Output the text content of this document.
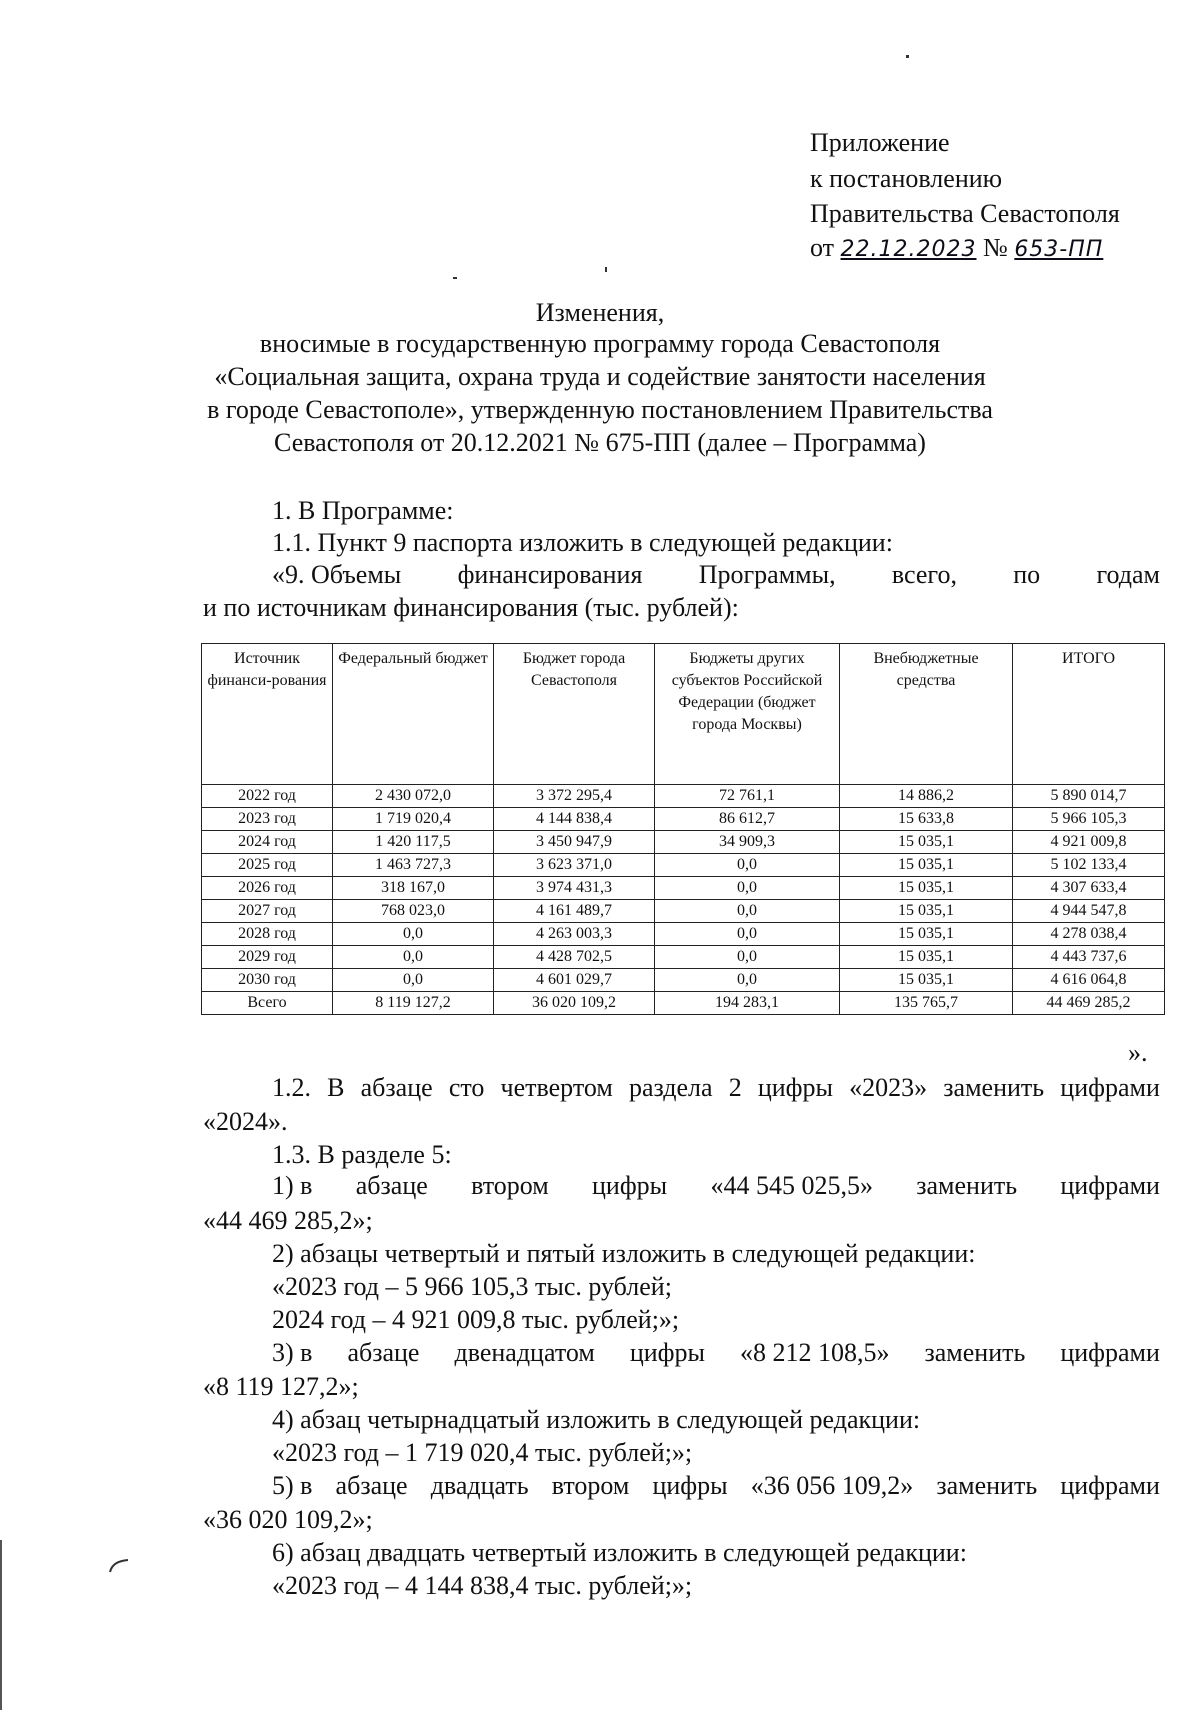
Приложение
к постановлению
Правительства Севастополя
от 22.12.2023 № 653-ПП
Изменения,
вносимые в государственную программу города Севастополя
«Социальная защита, охрана труда и содействие занятости населения
в городе Севастополе», утвержденную постановлением Правительства
Севастополя от 20.12.2021 № 675-ПП (далее – Программа)
1. В Программе:
1.1. Пункт 9 паспорта изложить в следующей редакции:
«9. Объемы финансирования Программы, всего, по годам
и по источникам финансирования (тыс. рублей):
Источник финанси-рования	Федеральный бюджет	Бюджет города Севастополя	Бюджеты других субъектов Российской Федерации (бюджет города Москвы)	Внебюджетные средства	ИТОГО
2022 год	2 430 072,0	3 372 295,4	72 761,1	14 886,2	5 890 014,7
2023 год	1 719 020,4	4 144 838,4	86 612,7	15 633,8	5 966 105,3
2024 год	1 420 117,5	3 450 947,9	34 909,3	15 035,1	4 921 009,8
2025 год	1 463 727,3	3 623 371,0	0,0	15 035,1	5 102 133,4
2026 год	318 167,0	3 974 431,3	0,0	15 035,1	4 307 633,4
2027 год	768 023,0	4 161 489,7	0,0	15 035,1	4 944 547,8
2028 год	0,0	4 263 003,3	0,0	15 035,1	4 278 038,4
2029 год	0,0	4 428 702,5	0,0	15 035,1	4 443 737,6
2030 год	0,0	4 601 029,7	0,0	15 035,1	4 616 064,8
Всего	8 119 127,2	36 020 109,2	194 283,1	135 765,7	44 469 285,2
».
1.2. В абзаце сто четвертом раздела 2 цифры «2023» заменить цифрами
«2024».
1.3. В разделе 5:
1) в абзаце втором цифры «44 545 025,5» заменить цифрами
«44 469 285,2»;
2) абзацы четвертый и пятый изложить в следующей редакции:
«2023 год – 5 966 105,3 тыс. рублей;
2024 год – 4 921 009,8 тыс. рублей;»;
3) в абзаце двенадцатом цифры «8 212 108,5» заменить цифрами
«8 119 127,2»;
4) абзац четырнадцатый изложить в следующей редакции:
«2023 год – 1 719 020,4 тыс. рублей;»;
5) в абзаце двадцать втором цифры «36 056 109,2» заменить цифрами
«36 020 109,2»;
6) абзац двадцать четвертый изложить в следующей редакции:
«2023 год – 4 144 838,4 тыс. рублей;»;
